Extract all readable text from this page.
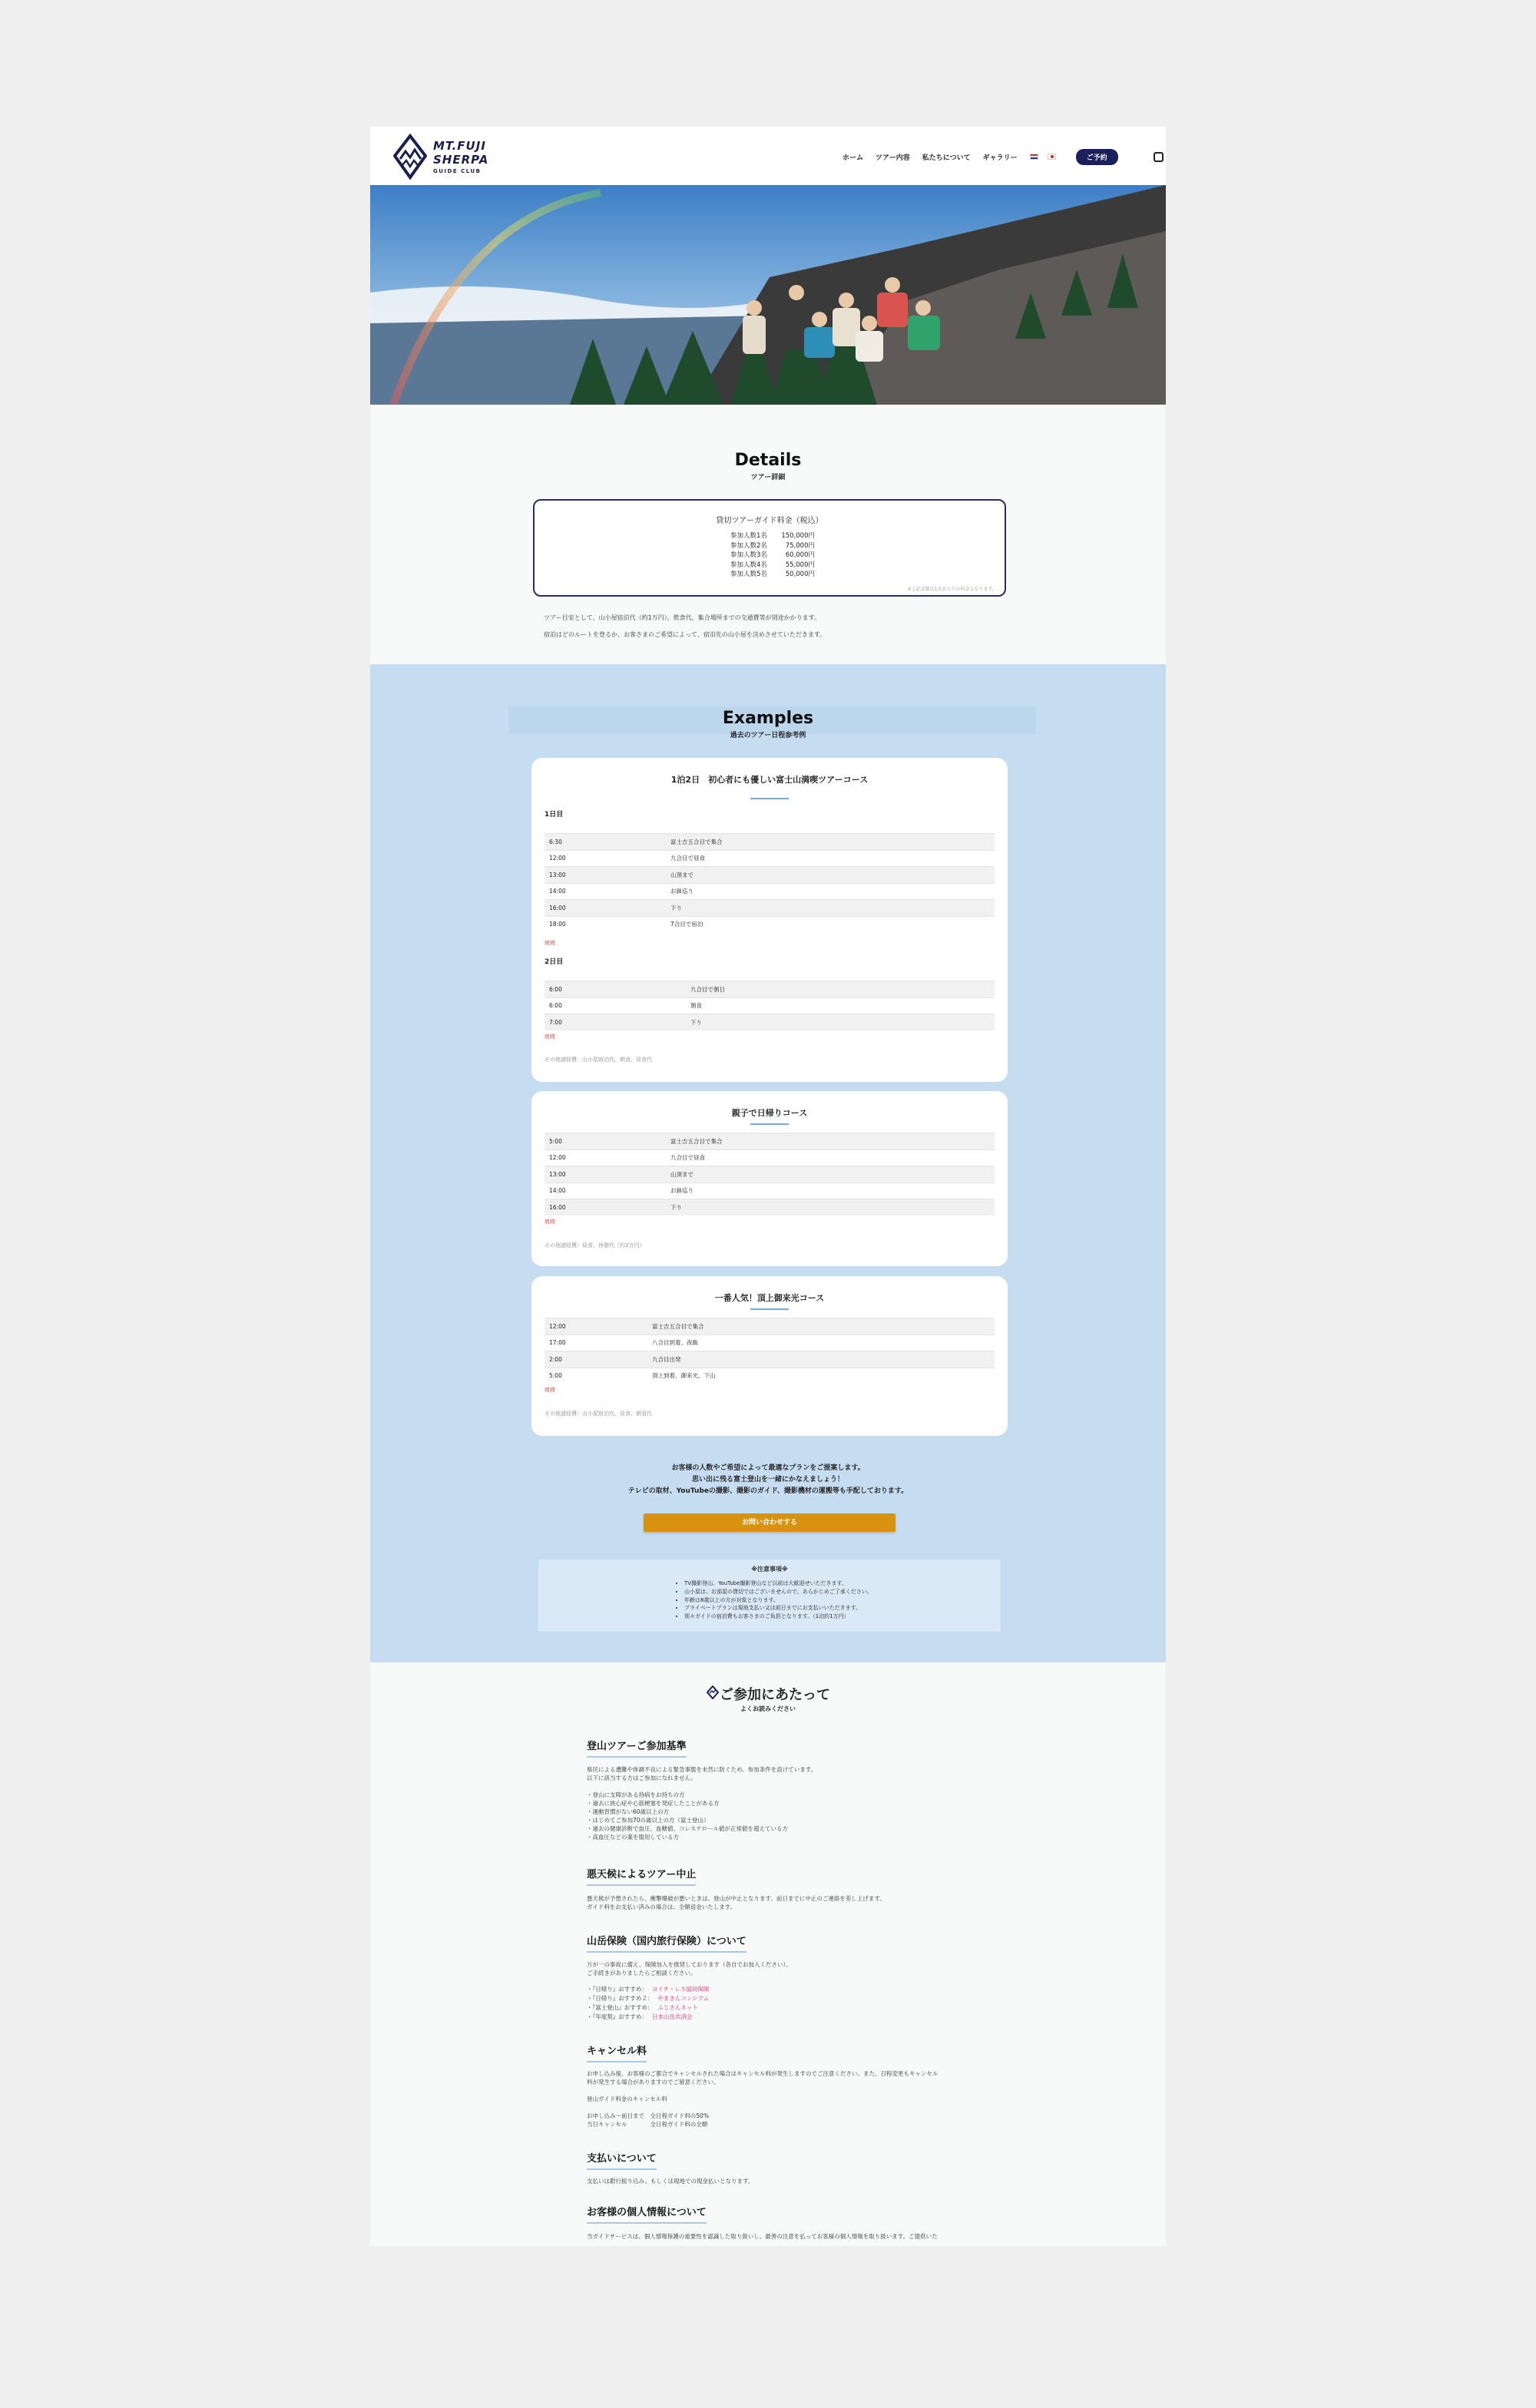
MT.FUJI
SHERPA
GUIDE CLUB
ホーム ツアー内容 私たちについて ギャラリー	ご予約
Details
ツアー詳細
貸切ツアーガイド料金（税込）
参加人数1名	150,000円
参加人数2名	75,000円
参加人数3名	60,000円
参加人数4名	55,000円
参加人数5名	50,000円
※上記金額は1名あたりの料金となります。
ツアー目安として、山小屋宿泊代（約1万円）、飲食代、集合場所までの交通費等が別途かかります。
宿泊はどのルートを登るか、お客さまのご希望によって、宿泊先の山小屋を決めさせていただきます。
Examples
過去のツアー日程参考例
1泊2日　初心者にも優しい富士山満喫ツアーコース
1日目
6:30	富士吉五合目で集合
12:00	九合目で昼食
13:00	山頂まで
14:00	お鉢巡り
16:00	下り
18:00	7合目で宿泊
就寝
2日目
6:00	九合目で朝日
6:00	朝食
7:00	下り
就寝
その他諸経費：山小屋宿泊代、朝食、昼食代
親子で日帰りコース
5:00	富士吉五合目で集合
12:00	九合目で昼食
13:00	山頂まで
14:00	お鉢巡り
16:00	下り
就寝
その他諸経費：昼食、休憩代（約2万円）
一番人気！頂上御来光コース
12:00	富士吉五合目で集合
17:00	八合目到着、夜飯
2:00	九合目出発
5:00	頂上到着、御来光、下山
就寝
その他諸経費：山小屋宿泊代、昼食、朝食代
お客様の人数やご希望によって最適なプランをご提案します。
思い出に残る富士登山を一緒にかなえましょう！
テレビの取材、YouTubeの撮影、撮影のガイド、撮影機材の運搬等も手配しております。
お問い合わせする
※注意事項※
• TV撮影登山、YouTube撮影登山など以前は大歓迎せいただきます。
• 山小屋は、お部屋の貸切ではございませんので、あらかじめご了承ください。
• 年齢は8歳以上の方が対象となります。
• プライベートプランは現地支払い又は前日までにお支払いいただきます。
• 別々ガイドの宿泊費もお客さまのご負担となります。（1泊約1万円）
ご参加にあたって
よくお読みください
登山ツアーご参加基準
県民による遭難や体調不良による緊急事態を未然に防ぐため、参加条件を設けています。
以下に該当する方はご参加になれません。

・登山に支障がある持病をお持ちの方
・過去に狭心症や心筋梗塞を発症したことがある方
・運動習慣がない60歳以上の方
・はじめてご参加70の歳以上の方（富士登山）
・過去の健康診断で血圧、血糖値、コレステロール値が正常値を超えている方
・高血圧などの薬を服用している方
悪天候によるツアー中止
悪天候が予想されたら、衝撃爆破が悪いときは、登山が中止となります。前日までに中止のご連絡を差し上げます。
ガイド料をお支払い済みの場合は、全額返金いたします。
山岳保険（国内旅行保険）について
万が一の事故に備え、保険加入を推奨しております（各自でお加入ください）。
ご手続きがありましたらご相談ください。
・『日帰り』おすすめ： ヨイチ・レス協同保険
・『日帰り』おすすめ２： やまきんコンシアム
・『富士登山』おすすめ： ふじさんネット
・『年度契』おすすめ： 日本山岳共済会
キャンセル料
お申し込み後、お客様のご都合でキャンセルされた場合はキャンセル料が発生しますのでご注意ください。また、日程変更もキャンセル
料が発生する場合がありますのでご留意ください。

登山ガイド料金のキャンセル料

お申し込み～前日まで　全日程ガイド料の50%
当日キャンセル　　　　全日程ガイド料の全額
支払いについて
支払いは銀行振り込み、もしくは現地での現金払いとなります。
お客様の個人情報について
当ガイドサービスは、個人情報保護の重要性を認識した取り扱いし、最善の注意を払ってお客様の個人情報を取り扱います。ご提供いた
